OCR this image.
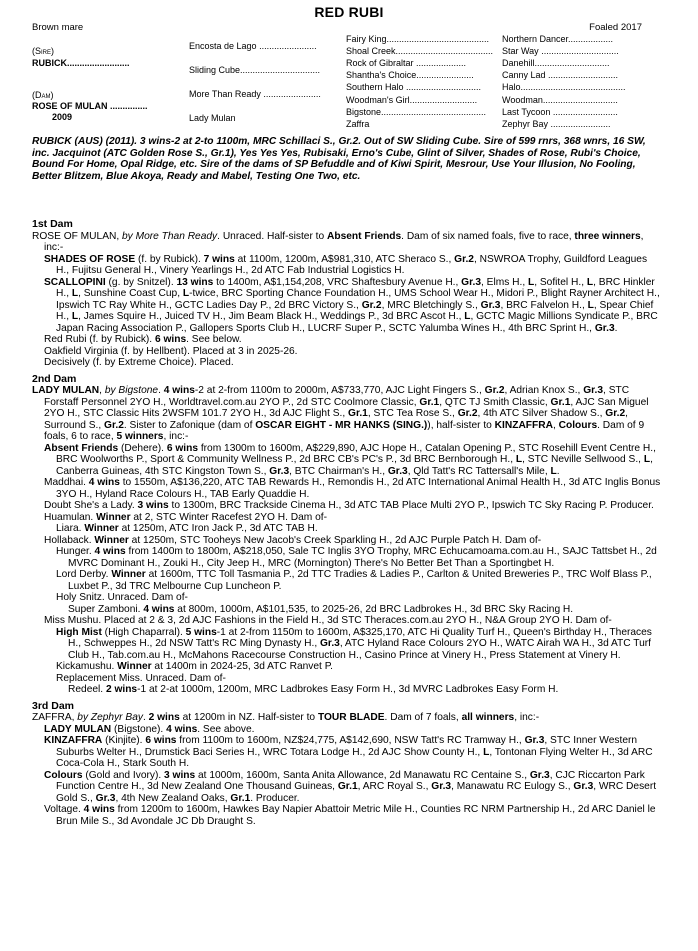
RED RUBI
Brown mare	Foaled 2017
(Sire)
RUBICK.........................
(Dam)
ROSE OF MULAN ...............
2009
Encosta de Lago .......................
Sliding Cube................................
More Than Ready .......................
Lady Mulan
Fairy King.........................................
Shoal Creek.......................................
Rock of Gibraltar ....................
Shantha's Choice.......................
Southern Halo ..............................
Woodman's Girl...........................
Bigstone..........................................
Zaffra
Northern Dancer..................
Star Way ...............................
Danehill..............................
Canny Lad ............................
Halo..........................................
Woodman..............................
Last Tycoon ..........................
Zephyr Bay ........................
RUBICK (AUS) (2011). 3 wins-2 at 2-to 1100m, MRC Schillaci S., Gr.2. Out of SW Sliding Cube. Sire of 599 rnrs, 368 wnrs, 16 SW, inc. Jacquinot (ATC Golden Rose S., Gr.1), Yes Yes Yes, Rubisaki, Erno's Cube, Glint of Silver, Shades of Rose, Rubi's Choice, Bound For Home, Opal Ridge, etc. Sire of the dams of SP Befuddle and of Kiwi Spirit, Mesrour, Use Your Illusion, No Fooling, Better Blitzem, Blue Akoya, Ready and Mabel, Testing One Two, etc.
1st Dam

ROSE OF MULAN, by More Than Ready. Unraced. Half-sister to Absent Friends. Dam of six named foals, five to race, three winners, inc:-

SHADES OF ROSE (f. by Rubick). 7 wins at 1100m, 1200m, A$981,310, ATC Sheraco S., Gr.2, NSWROA Trophy, Guildford Leagues H., Fujitsu General H., Vinery Yearlings H., 2d ATC Fab Industrial Logistics H.

SCALLOPINI (g. by Snitzel). 13 wins to 1400m, A$1,154,208, VRC Shaftesbury Avenue H., Gr.3, Elms H., L, Sofitel H., L, BRC Hinkler H., L, Sunshine Coast Cup, L-twice, BRC Sporting Chance Foundation H., UMS School Wear H., Midori P., Blight Rayner Architect H., Ipswich TC Ray White H., GCTC Ladies Day P., 2d BRC Victory S., Gr.2, MRC Bletchingly S., Gr.3, BRC Falvelon H., L, Spear Chief H., L, James Squire H., Juiced TV H., Jim Beam Black H., Weddings P., 3d BRC Ascot H., L, GCTC Magic Millions Syndicate P., BRC Japan Racing Association P., Gallopers Sports Club H., LUCRF Super P., SCTC Yalumba Wines H., 4th BRC Sprint H., Gr.3.

Red Rubi (f. by Rubick). 6 wins. See below.

Oakfield Virginia (f. by Hellbent). Placed at 3 in 2025-26.

Decisively (f. by Extreme Choice). Placed.

2nd Dam

LADY MULAN, by Bigstone. 4 wins-2 at 2-from 1100m to 2000m, A$733,770, AJC Light Fingers S., Gr.2, Adrian Knox S., Gr.3, STC Forstaff Personnel 2YO H., Worldtravel.com.au 2YO P., 2d STC Coolmore Classic, Gr.1, QTC TJ Smith Classic, Gr.1, AJC San Miguel 2YO H., STC Classic Hits 2WSFM 101.7 2YO H., 3d AJC Flight S., Gr.1, STC Tea Rose S., Gr.2, 4th ATC Silver Shadow S., Gr.2, Surround S., Gr.2. Sister to Zafonique (dam of OSCAR EIGHT - MR HANKS (SING.)), half-sister to KINZAFFRA, Colours. Dam of 9 foals, 6 to race, 5 winners, inc:-

Absent Friends (Dehere). 6 wins from 1300m to 1600m, A$229,890, AJC Hope H., Catalan Opening P., STC Rosehill Event Centre H., BRC Woolworths P., Sport & Community Wellness P., 2d BRC CB's PC's P., 3d BRC Bernborough H., L, STC Neville Sellwood S., L, Canberra Guineas, 4th STC Kingston Town S., Gr.3, BTC Chairman's H., Gr.3, Qld Tatt's RC Tattersall's Mile, L.

Maddhai. 4 wins to 1550m, A$136,220, ATC TAB Rewards H., Remondis H., 2d ATC International Animal Health H., 3d ATC Inglis Bonus 3YO H., Hyland Race Colours H., TAB Early Quaddie H.

Doubt She's a Lady. 3 wins to 1300m, BRC Trackside Cinema H., 3d ATC TAB Place Multi 2YO P., Ipswich TC Sky Racing P. Producer.

Huamulan. Winner at 2, STC Winter Racefest 2YO H. Dam of-

Liara. Winner at 1250m, ATC Iron Jack P., 3d ATC TAB H.

Hollaback. Winner at 1250m, STC Tooheys New Jacob's Creek Sparkling H., 2d AJC Purple Patch H. Dam of-

Hunger. 4 wins from 1400m to 1800m, A$218,050, Sale TC Inglis 3YO Trophy, MRC Echucamoama.com.au H., SAJC Tattsbet H., 2d MVRC Dominant H., Zouki H., City Jeep H., MRC (Mornington) There's No Better Bet Than a Sportingbet H.

Lord Derby. Winner at 1600m, TTC Toll Tasmania P., 2d TTC Tradies & Ladies P., Carlton & United Breweries P., TRC Wolf Blass P., Luxbet P., 3d TRC Melbourne Cup Luncheon P.

Holy Snitz. Unraced. Dam of-

Super Zamboni. 4 wins at 800m, 1000m, A$101,535, to 2025-26, 2d BRC Ladbrokes H., 3d BRC Sky Racing H.

Miss Mushu. Placed at 2 & 3, 2d AJC Fashions in the Field H., 3d STC Theraces.com.au 2YO H., N&A Group 2YO H. Dam of-

High Mist (High Chaparral). 5 wins-1 at 2-from 1150m to 1600m, A$325,170, ATC Hi Quality Turf H., Queen's Birthday H., Theraces H., Schweppes H., 2d NSW Tatt's RC Ming Dynasty H., Gr.3, ATC Hyland Race Colours 2YO H., WATC Airah WA H., 3d ATC Turf Club H., Tab.com.au H., McMahons Racecourse Construction H., Casino Prince at Vinery H., Press Statement at Vinery H.

Kickamushu. Winner at 1400m in 2024-25, 3d ATC Ranvet P.

Replacement Miss. Unraced. Dam of-

Redeel. 2 wins-1 at 2-at 1000m, 1200m, MRC Ladbrokes Easy Form H., 3d MVRC Ladbrokes Easy Form H.

3rd Dam

ZAFFRA, by Zephyr Bay. 2 wins at 1200m in NZ. Half-sister to TOUR BLADE. Dam of 7 foals, all winners, inc:-

LADY MULAN (Bigstone). 4 wins. See above.

KINZAFFRA (Kinjite). 6 wins from 1100m to 1600m, NZ$24,775, A$142,690, NSW Tatt's RC Tramway H., Gr.3, STC Inner Western Suburbs Welter H., Drumstick Baci Series H., WRC Totara Lodge H., 2d AJC Show County H., L, Tontonan Flying Welter H., 3d ARC Coca-Cola H., Stark South H.

Colours (Gold and Ivory). 3 wins at 1000m, 1600m, Santa Anita Allowance, 2d Manawatu RC Centaine S., Gr.3, CJC Riccarton Park Function Centre H., 3d New Zealand One Thousand Guineas, Gr.1, ARC Royal S., Gr.3, Manawatu RC Eulogy S., Gr.3, WRC Desert Gold S., Gr.3, 4th New Zealand Oaks, Gr.1. Producer.

Voltage. 4 wins from 1200m to 1600m, Hawkes Bay Napier Abattoir Metric Mile H., Counties RC NRM Partnership H., 2d ARC Daniel le Brun Mile S., 3d Avondale JC Db Draught S.
